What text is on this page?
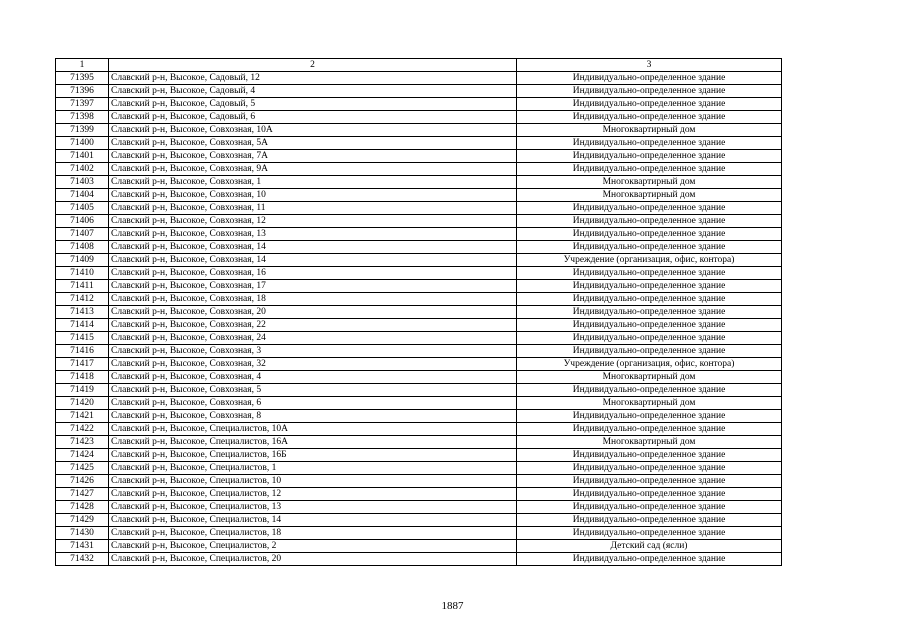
1	2	3
71395	Славский р-н, Высокое, Садовый, 12	Индивидуально-определенное здание
71396	Славский р-н, Высокое, Садовый, 4	Индивидуально-определенное здание
71397	Славский р-н, Высокое, Садовый, 5	Индивидуально-определенное здание
71398	Славский р-н, Высокое, Садовый, 6	Индивидуально-определенное здание
71399	Славский р-н, Высокое, Совхозная, 10А	Многоквартирный дом
71400	Славский р-н, Высокое, Совхозная, 5А	Индивидуально-определенное здание
71401	Славский р-н, Высокое, Совхозная, 7А	Индивидуально-определенное здание
71402	Славский р-н, Высокое, Совхозная, 9А	Индивидуально-определенное здание
71403	Славский р-н, Высокое, Совхозная, 1	Многоквартирный дом
71404	Славский р-н, Высокое, Совхозная, 10	Многоквартирный дом
71405	Славский р-н, Высокое, Совхозная, 11	Индивидуально-определенное здание
71406	Славский р-н, Высокое, Совхозная, 12	Индивидуально-определенное здание
71407	Славский р-н, Высокое, Совхозная, 13	Индивидуально-определенное здание
71408	Славский р-н, Высокое, Совхозная, 14	Индивидуально-определенное здание
71409	Славский р-н, Высокое, Совхозная, 14	Учреждение (организация, офис, контора)
71410	Славский р-н, Высокое, Совхозная, 16	Индивидуально-определенное здание
71411	Славский р-н, Высокое, Совхозная, 17	Индивидуально-определенное здание
71412	Славский р-н, Высокое, Совхозная, 18	Индивидуально-определенное здание
71413	Славский р-н, Высокое, Совхозная, 20	Индивидуально-определенное здание
71414	Славский р-н, Высокое, Совхозная, 22	Индивидуально-определенное здание
71415	Славский р-н, Высокое, Совхозная, 24	Индивидуально-определенное здание
71416	Славский р-н, Высокое, Совхозная, 3	Индивидуально-определенное здание
71417	Славский р-н, Высокое, Совхозная, 32	Учреждение (организация, офис, контора)
71418	Славский р-н, Высокое, Совхозная, 4	Многоквартирный дом
71419	Славский р-н, Высокое, Совхозная, 5	Индивидуально-определенное здание
71420	Славский р-н, Высокое, Совхозная, 6	Многоквартирный дом
71421	Славский р-н, Высокое, Совхозная, 8	Индивидуально-определенное здание
71422	Славский р-н, Высокое, Специалистов, 10А	Индивидуально-определенное здание
71423	Славский р-н, Высокое, Специалистов, 16А	Многоквартирный дом
71424	Славский р-н, Высокое, Специалистов, 16Б	Индивидуально-определенное здание
71425	Славский р-н, Высокое, Специалистов, 1	Индивидуально-определенное здание
71426	Славский р-н, Высокое, Специалистов, 10	Индивидуально-определенное здание
71427	Славский р-н, Высокое, Специалистов, 12	Индивидуально-определенное здание
71428	Славский р-н, Высокое, Специалистов, 13	Индивидуально-определенное здание
71429	Славский р-н, Высокое, Специалистов, 14	Индивидуально-определенное здание
71430	Славский р-н, Высокое, Специалистов, 18	Индивидуально-определенное здание
71431	Славский р-н, Высокое, Специалистов, 2	Детский сад (ясли)
71432	Славский р-н, Высокое, Специалистов, 20	Индивидуально-определенное здание
1887
